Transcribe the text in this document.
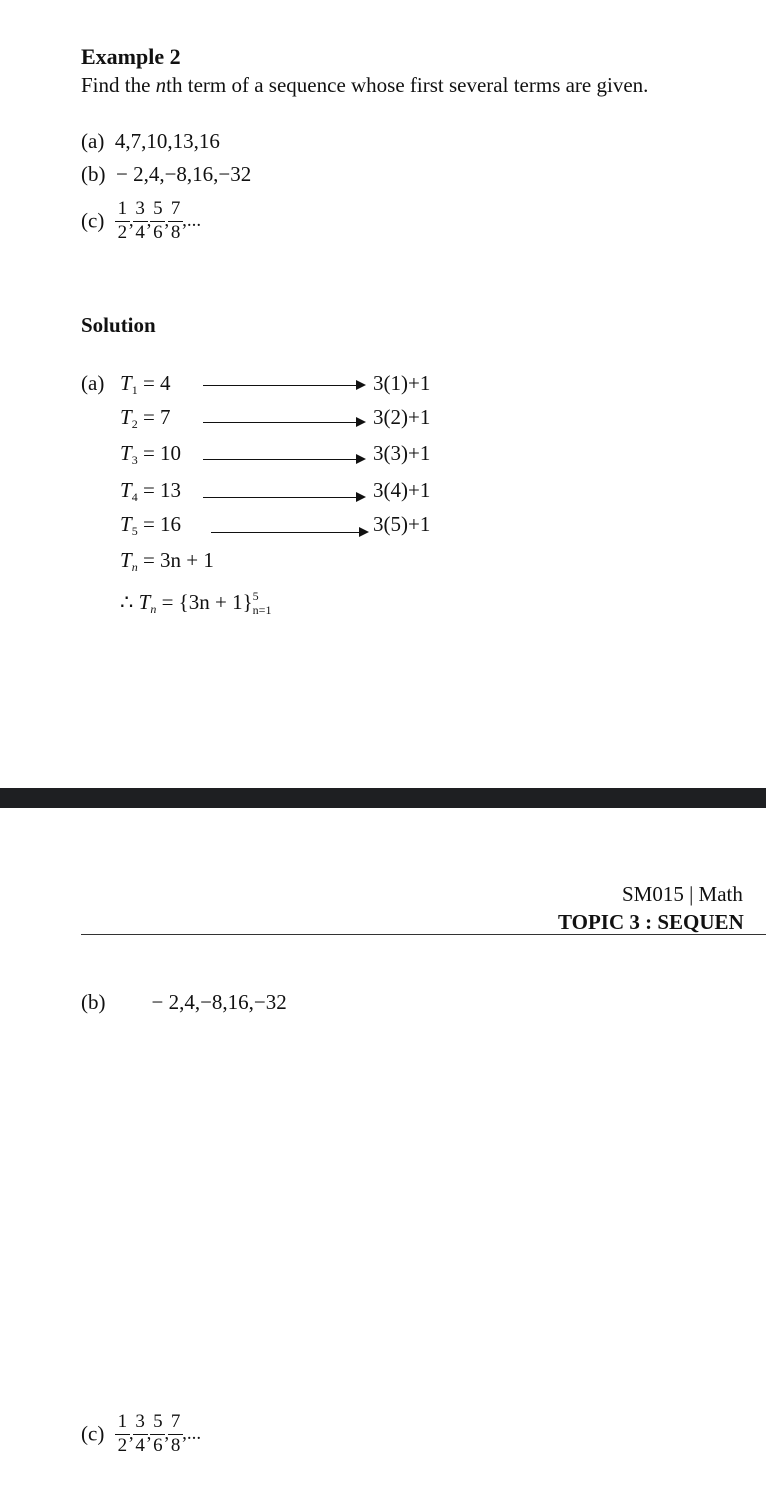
Example 2
Find the nth term of a sequence whose first several terms are given.
(a) 4,7,10,13,16
(b) − 2,4,−8,16,−32
$(c) \frac{1}{2}$ , $\frac{3}{4}$ , $\frac{5}{6}$ , $\frac{7}{8}$ ,...
Solution
(a) $T_1 = 4$	3(1)+1
$T_2 = 7$	3(2)+1
$T_3 = 10$	3(3)+1
$T_4 = 13$	3(4)+1
$T_5 = 16$	3(5)+1
$T_n = 3n + 1$
∴ $T_n = \{3n + 1\}^5_{n=1}$
SM015 | Math
TOPIC 3 : SEQUEN
(b) − 2,4,−8,16,−32
$(c) \frac{1}{2}$ , $\frac{3}{4}$ , $\frac{5}{6}$ , $\frac{7}{8}$ ,...
